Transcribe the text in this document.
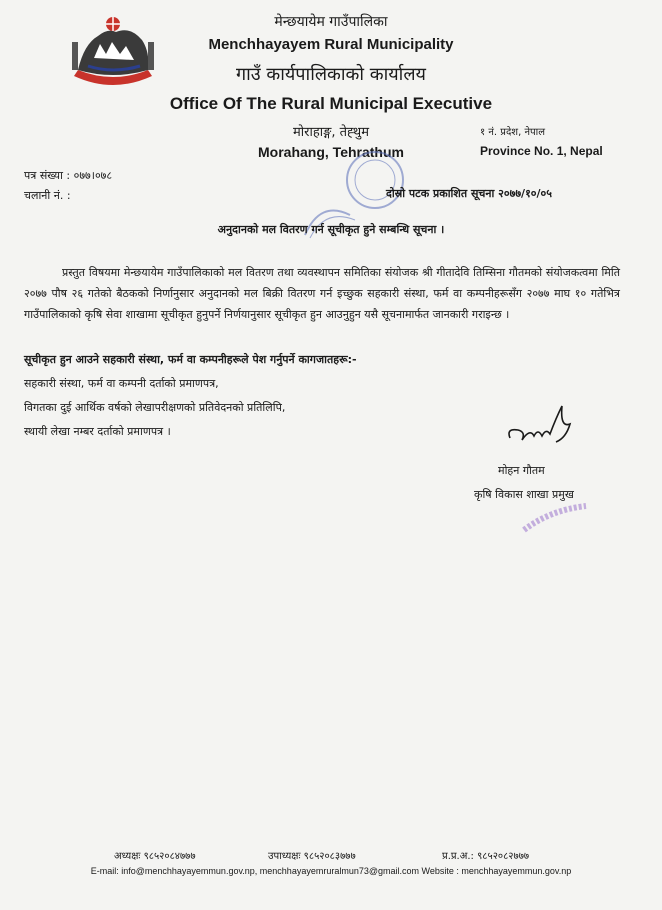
मेन्छयायेम गाउँपालिका
Menchhayayem Rural Municipality
गाउँ कार्यपालिकाको कार्यालय
Office Of The Rural Municipal Executive
मोराहाङ्ग, तेह्थुम
Morahang, Tehrathum
१ नं. प्रदेश, नेपाल
Province No. 1, Nepal
पत्र संख्या : ०७७।०७८
चलानी नं. :	दोस्रो पटक प्रकाशित सूचना २०७७/१०/०५
अनुदानको मल वितरण गर्न सूचीकृत हुने सम्बन्धि सूचना ।
प्रस्तुत विषयमा मेन्छयायेम गाउँपालिकाको मल वितरण तथा व्यवस्थापन समितिका संयोजक श्री गीतादेवि तिम्सिना गौतमको संयोजकत्वमा मिति २०७७ पौष २६ गतेको बैठकको निर्णानुसार अनुदानको मल बिक्री वितरण गर्न इच्छुक सहकारी संस्था, फर्म वा कम्पनीहरूसँग २०७७ माघ १० गतेभित्र गाउँपालिकाको कृषि सेवा शाखामा सूचीकृत हुनुपर्ने निर्णयानुसार सूचीकृत हुन आउनुहुन यसै सूचनामार्फत जानकारी गराइन्छ ।
सूचीकृत हुन आउने सहकारी संस्था, फर्म वा कम्पनीहरूले पेश गर्नुपर्ने कागजातहरू:-
सहकारी संस्था, फर्म वा कम्पनी दर्ताको प्रमाणपत्र,
विगतका दुई आर्थिक वर्षको लेखापरीक्षणको प्रतिवेदनको प्रतिलिपि,
स्थायी लेखा नम्बर दर्ताको प्रमाणपत्र ।
मोहन गौतम
कृषि विकास शाखा प्रमुख
अध्यक्षः ९८५२०८४७७७	उपाध्यक्षः ९८५२०८३७७७	प्र.प्र.अ.: ९८५२०८२७७७
E-mail: info@menchhayayemmun.gov.np, menchhayayemruralmun73@gmail.com Website : menchhayayemmun.gov.np
